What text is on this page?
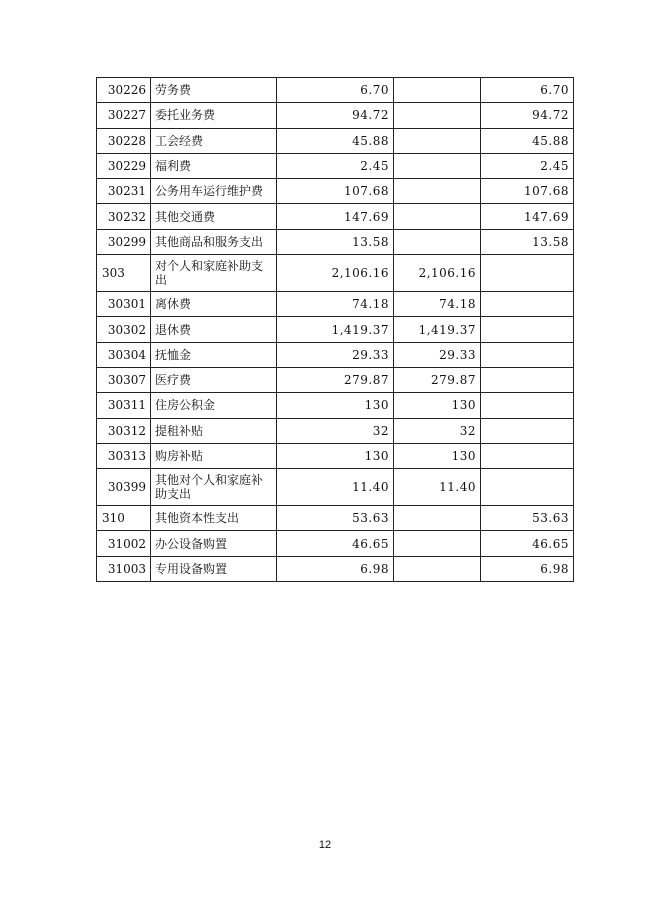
30226	劳务费	6.70		6.70
30227	委托业务费	94.72		94.72
30228	工会经费	45.88		45.88
30229	福利费	2.45		2.45
30231	公务用车运行维护费	107.68		107.68
30232	其他交通费	147.69		147.69
30299	其他商品和服务支出	13.58		13.58
303	对个人和家庭补助支出	2,106.16	2,106.16	
30301	离休费	74.18	74.18	
30302	退休费	1,419.37	1,419.37	
30304	抚恤金	29.33	29.33	
30307	医疗费	279.87	279.87	
30311	住房公积金	130	130	
30312	提租补贴	32	32	
30313	购房补贴	130	130	
30399	其他对个人和家庭补助支出	11.40	11.40	
310	其他资本性支出	53.63		53.63
31002	办公设备购置	46.65		46.65
31003	专用设备购置	6.98		6.98
12
